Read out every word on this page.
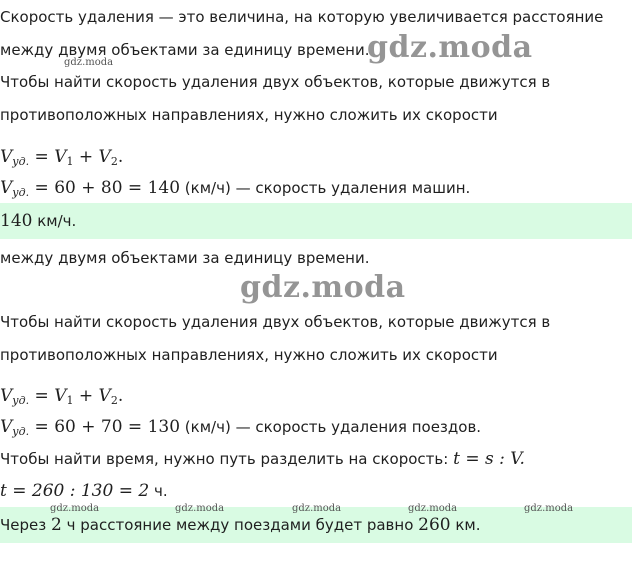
Скорость удаления — это величина, на которую увеличивается расстояние
между двумя объектами за единицу времени.
gdz.moda
gdz.moda
Чтобы найти скорость удаления двух объектов, которые движутся в
противоположных направлениях, нужно сложить их скорости
$V_{уд.} = V_1 + V_2$.
$V_{уд.} = 60 + 80 = 140$ (км/ч) — скорость удаления машин.
140 км/ч.
между двумя объектами за единицу времени.
gdz.moda
Чтобы найти скорость удаления двух объектов, которые движутся в
противоположных направлениях, нужно сложить их скорости
$V_{уд.} = V_1 + V_2$.
$V_{уд.} = 60 + 70 = 130$ (км/ч) — скорость удаления поездов.
Чтобы найти время, нужно путь разделить на скорость: t = s : V.
t = 260 : 130 = 2 ч.
gdz.moda	gdz.moda	gdz.moda	gdz.moda	gdz.moda
Через 2 ч расстояние между поездами будет равно 260 км.
